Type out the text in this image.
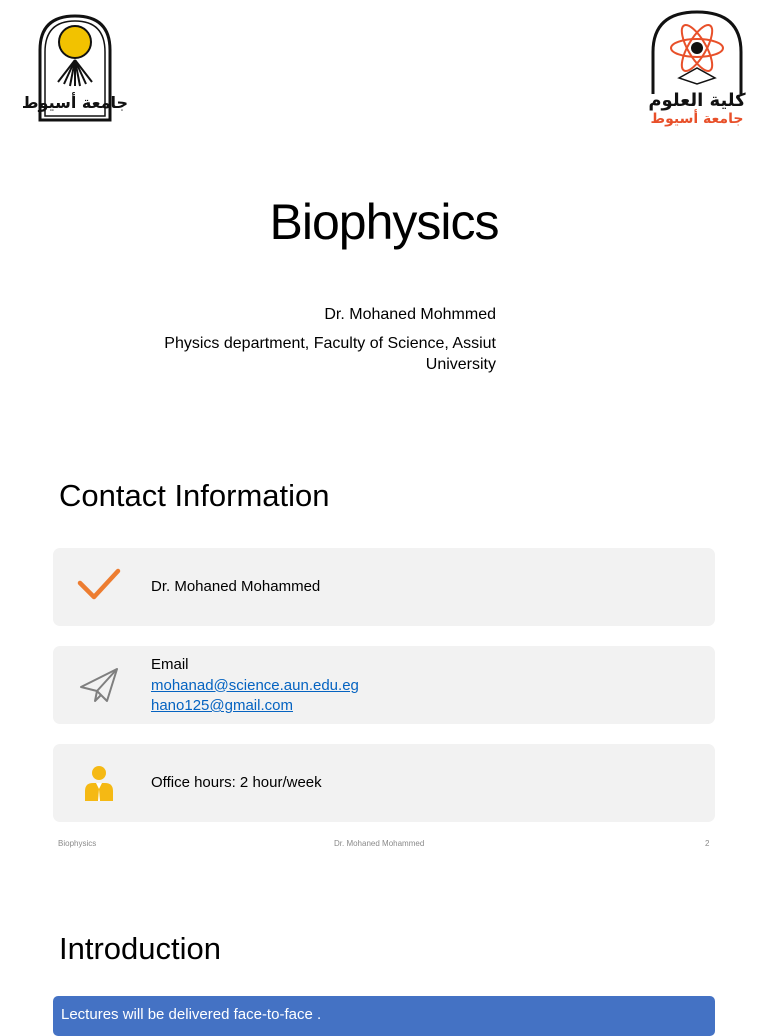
جامعة أسيوط	كلية العلوم
جامعة أسيوط
Biophysics
Dr. Mohaned Mohmmed
Physics department, Faculty of Science, Assiut
University
Contact Information
Dr. Mohaned Mohammed
Email
mohanad@science.aun.edu.eg
hano125@gmail.com
Office hours: 2 hour/week
Biophysics	Dr. Mohaned Mohammed	2
Introduction
Lectures will be delivered face-to-face .
